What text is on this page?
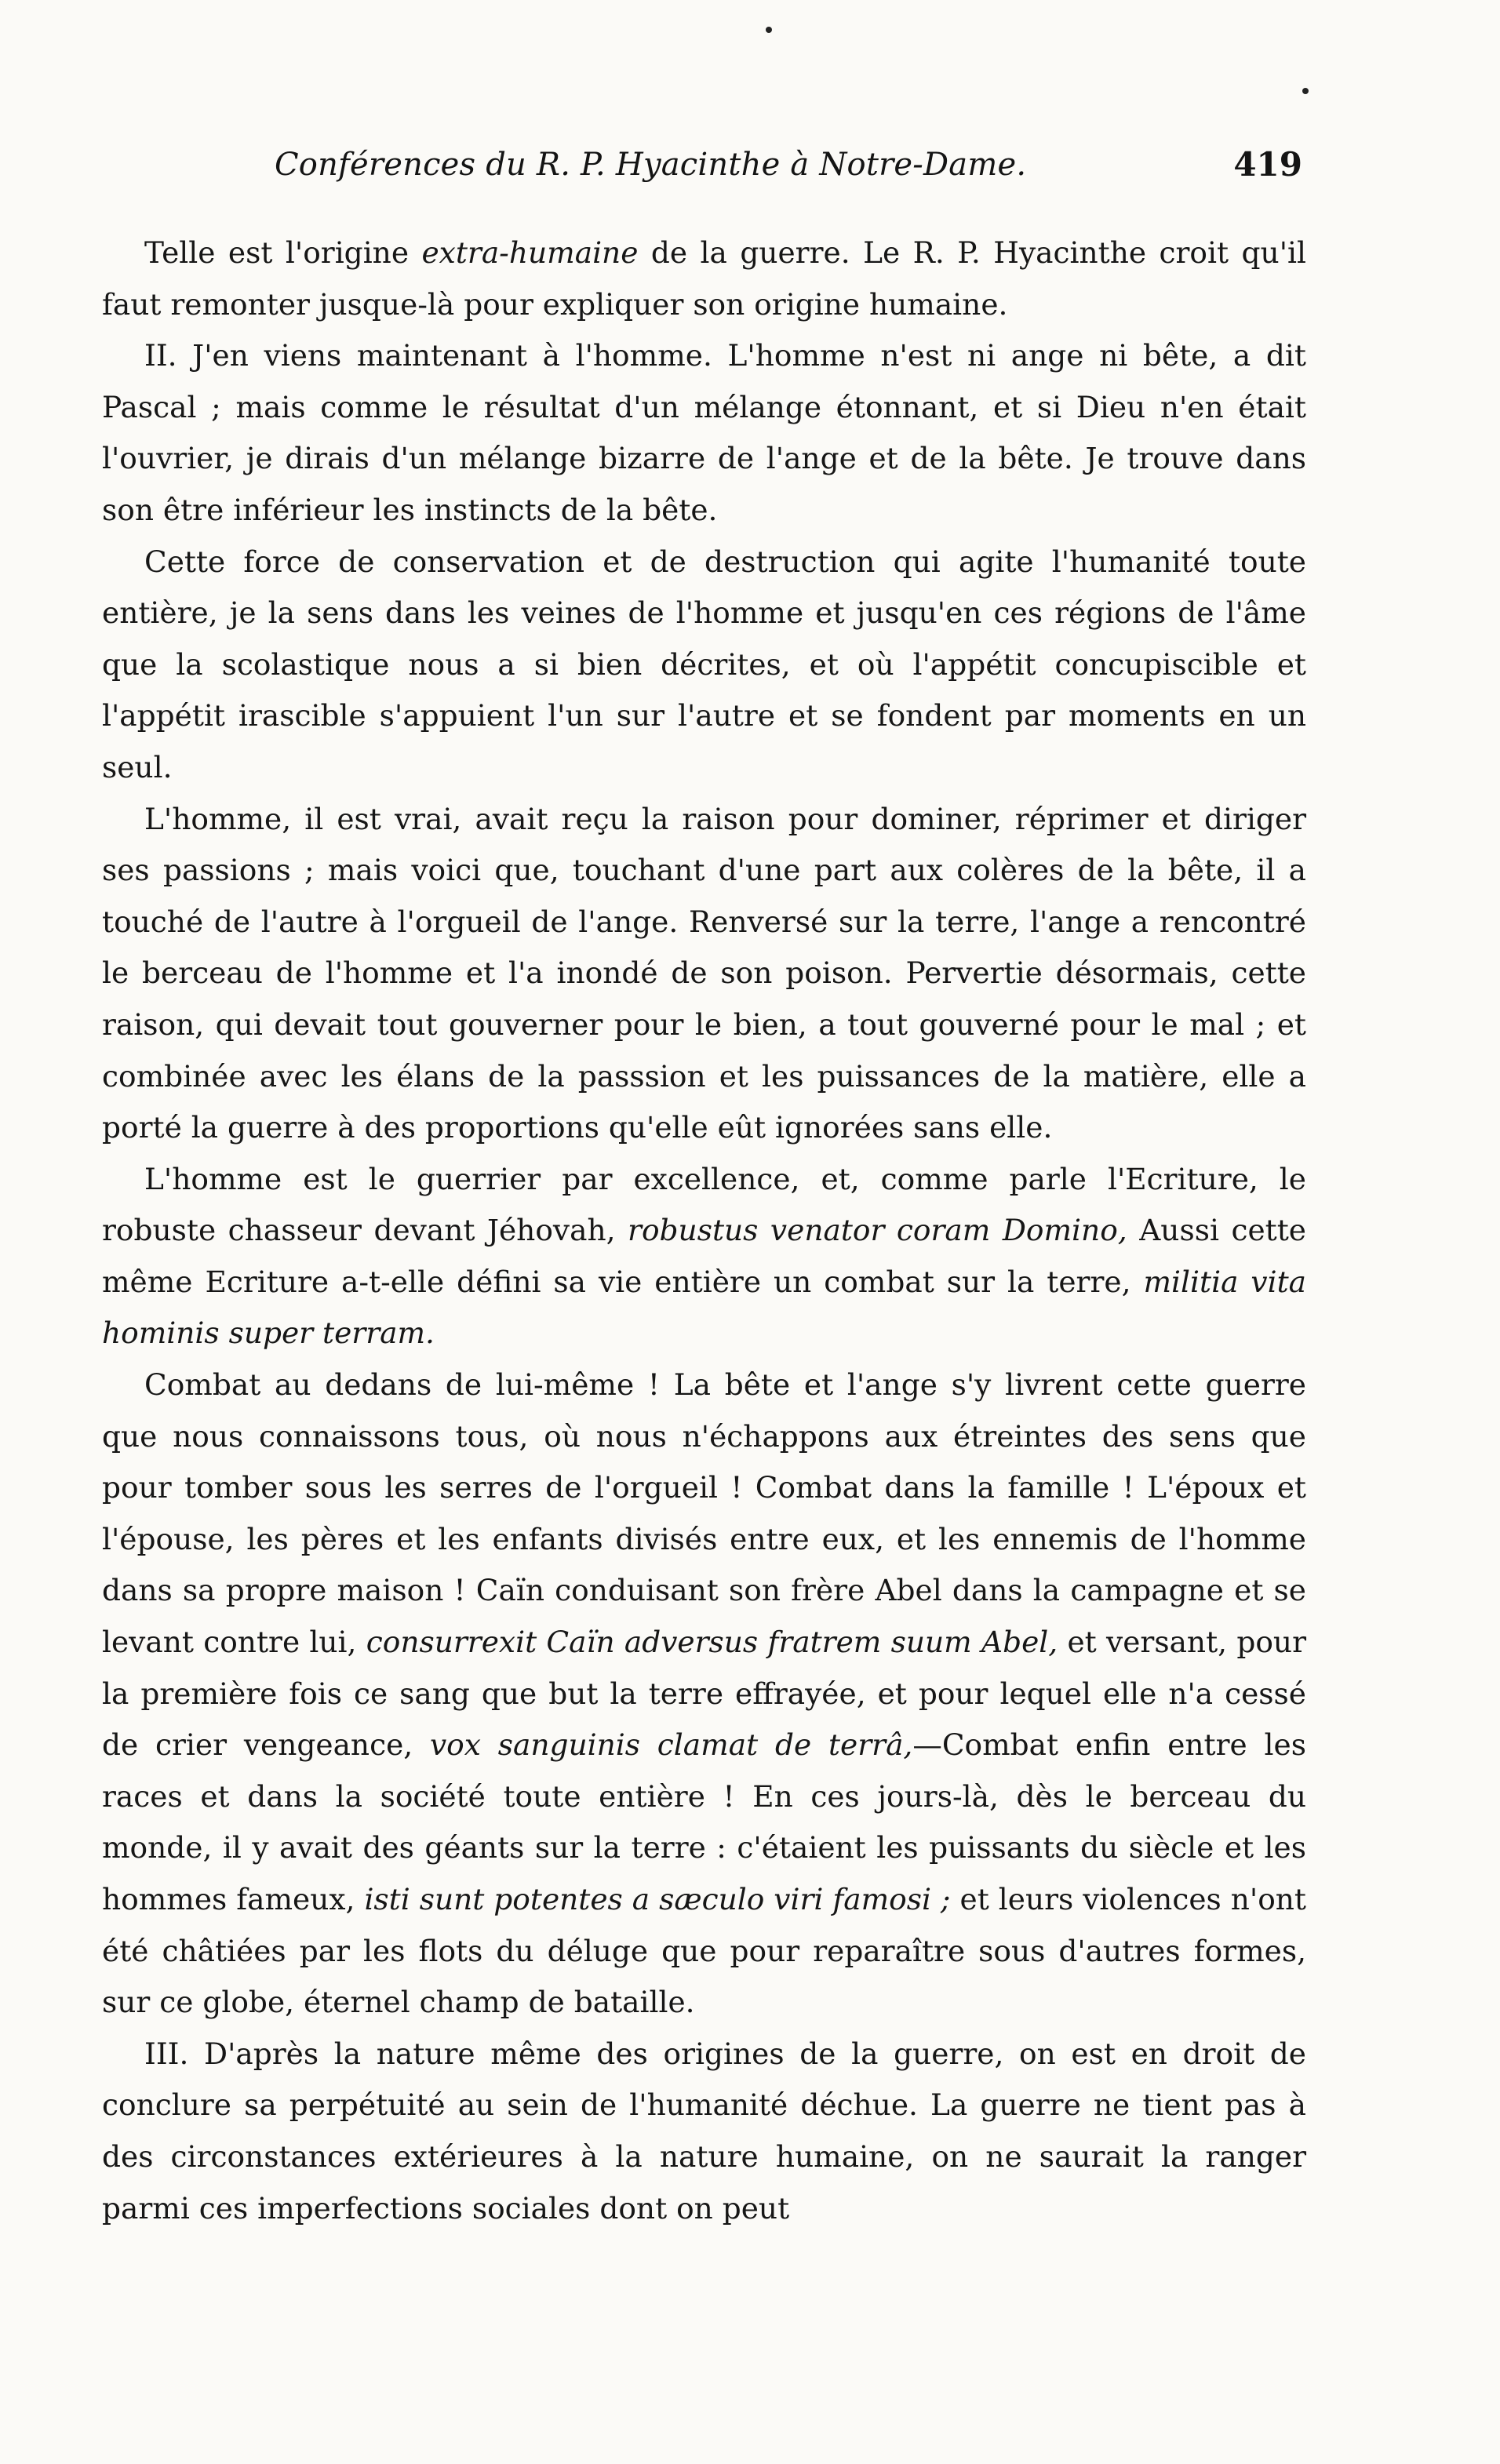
Conférences du R. P. Hyacinthe à Notre-Dame.	419

Telle est l'origine extra-humaine de la guerre. Le R. P. Hyacinthe croit qu'il faut remonter jusque-là pour expliquer son origine humaine.

II. J'en viens maintenant à l'homme. L'homme n'est ni ange ni bête, a dit Pascal ; mais comme le résultat d'un mélange étonnant, et si Dieu n'en était l'ouvrier, je dirais d'un mélange bizarre de l'ange et de la bête. Je trouve dans son être inférieur les instincts de la bête.

Cette force de conservation et de destruction qui agite l'humanité toute entière, je la sens dans les veines de l'homme et jusqu'en ces régions de l'âme que la scolastique nous a si bien décrites, et où l'appétit concupiscible et l'appétit irascible s'appuient l'un sur l'autre et se fondent par moments en un seul.

L'homme, il est vrai, avait reçu la raison pour dominer, réprimer et diriger ses passions ; mais voici que, touchant d'une part aux colères de la bête, il a touché de l'autre à l'orgueil de l'ange. Renversé sur la terre, l'ange a rencontré le berceau de l'homme et l'a inondé de son poison. Pervertie désormais, cette raison, qui devait tout gouverner pour le bien, a tout gouverné pour le mal ; et combinée avec les élans de la passsion et les puissances de la matière, elle a porté la guerre à des proportions qu'elle eût ignorées sans elle.

L'homme est le guerrier par excellence, et, comme parle l'Ecriture, le robuste chasseur devant Jéhovah, robustus venator coram Domino, Aussi cette même Ecriture a-t-elle défini sa vie entière un combat sur la terre, militia vita hominis super terram.

Combat au dedans de lui-même ! La bête et l'ange s'y livrent cette guerre que nous connaissons tous, où nous n'échappons aux étreintes des sens que pour tomber sous les serres de l'orgueil ! Combat dans la famille ! L'époux et l'épouse, les pères et les enfants divisés entre eux, et les ennemis de l'homme dans sa propre maison ! Caïn conduisant son frère Abel dans la campagne et se levant contre lui, consurrexit Caïn adversus fratrem suum Abel, et versant, pour la première fois ce sang que but la terre effrayée, et pour lequel elle n'a cessé de crier vengeance, vox sanguinis clamat de terrâ,—Combat enfin entre les races et dans la société toute entière ! En ces jours-là, dès le berceau du monde, il y avait des géants sur la terre : c'étaient les puissants du siècle et les hommes fameux, isti sunt potentes a sæculo viri famosi ; et leurs violences n'ont été châtiées par les flots du déluge que pour reparaître sous d'autres formes, sur ce globe, éternel champ de bataille.

III. D'après la nature même des origines de la guerre, on est en droit de conclure sa perpétuité au sein de l'humanité déchue. La guerre ne tient pas à des circonstances extérieures à la nature humaine, on ne saurait la ranger parmi ces imperfections sociales dont on peut
